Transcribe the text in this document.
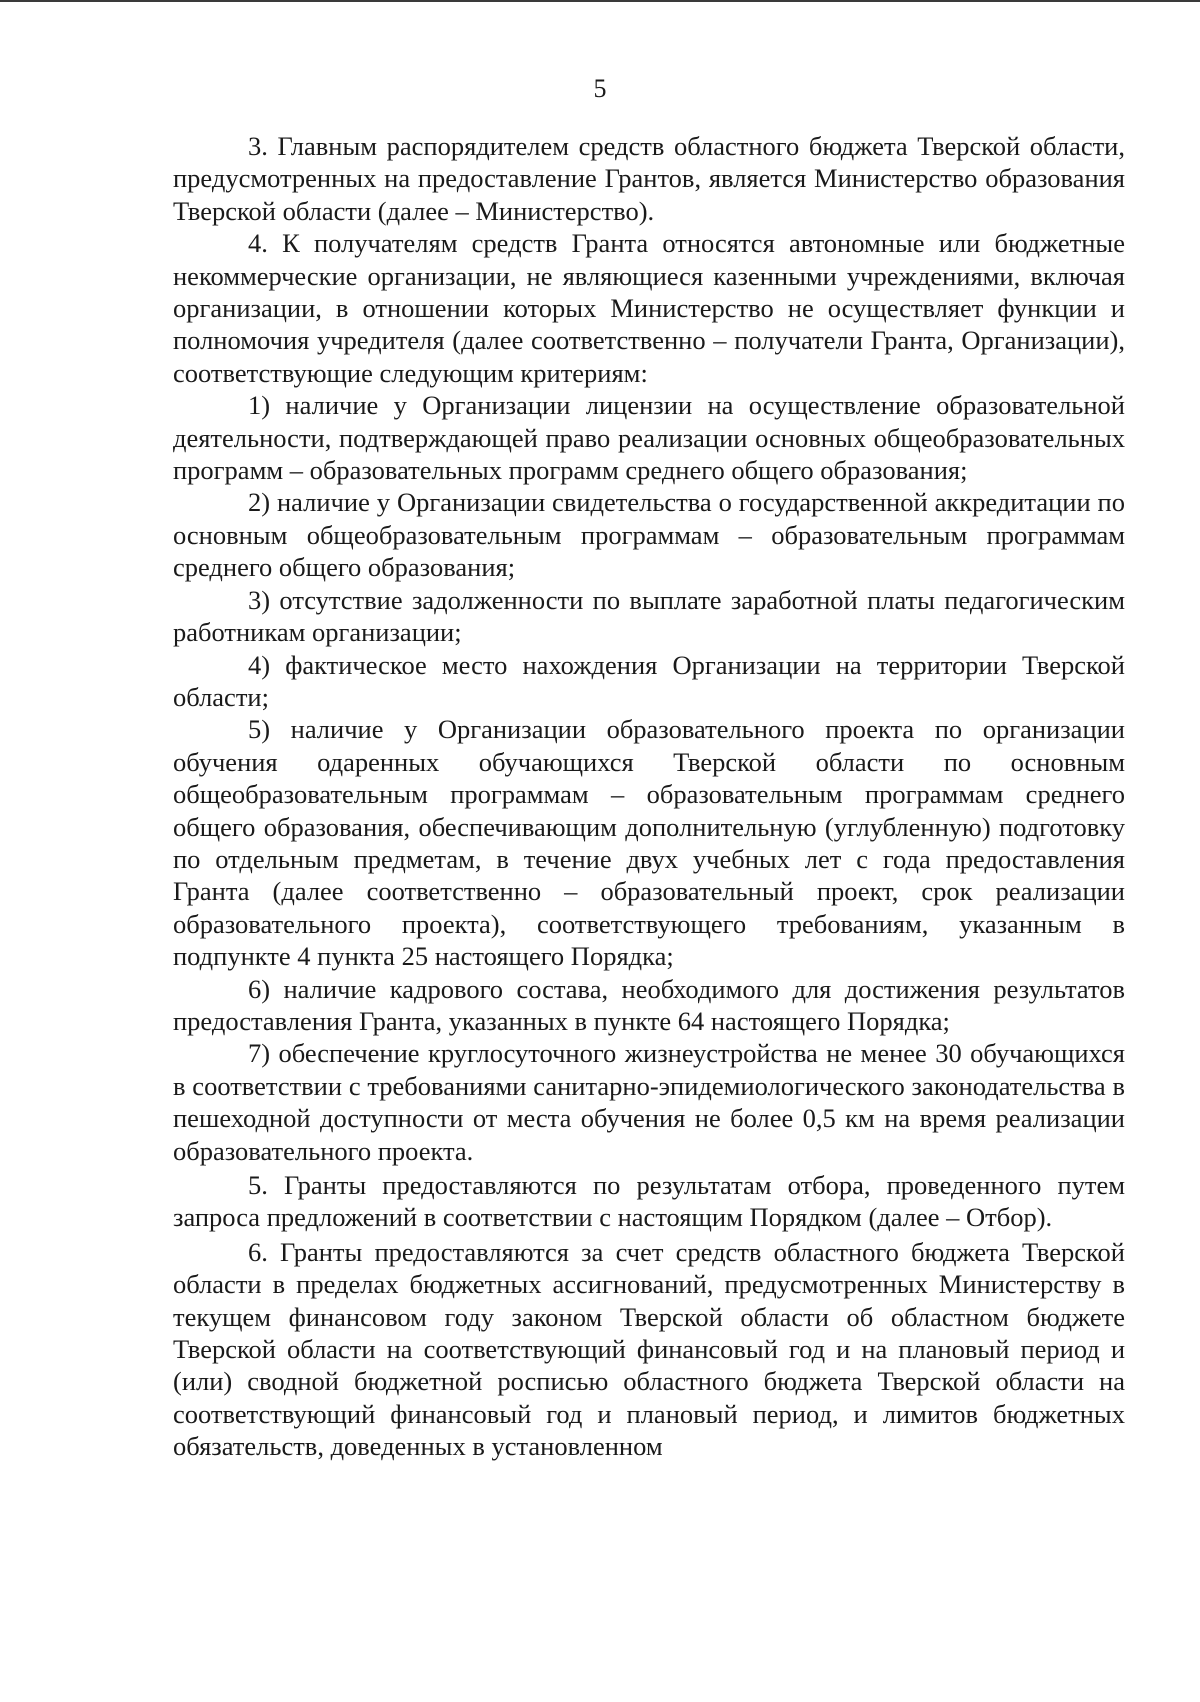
5

3. Главным распорядителем средств областного бюджета Тверской области, предусмотренных на предоставление Грантов, является Министерство образования Тверской области (далее – Министерство).

4. К получателям средств Гранта относятся автономные или бюджетные некоммерческие организации, не являющиеся казенными учреждениями, включая организации, в отношении которых Министерство не осуществляет функции и полномочия учредителя (далее соответственно – получатели Гранта, Организации), соответствующие следующим критериям:

1) наличие у Организации лицензии на осуществление образовательной деятельности, подтверждающей право реализации основных общеобразовательных программ – образовательных программ среднего общего образования;

2) наличие у Организации свидетельства о государственной аккредитации по основным общеобразовательным программам – образовательным программам среднего общего образования;

3) отсутствие задолженности по выплате заработной платы педагогическим работникам организации;

4) фактическое место нахождения Организации на территории Тверской области;

5) наличие у Организации образовательного проекта по организации обучения одаренных обучающихся Тверской области по основным общеобразовательным программам – образовательным программам среднего общего образования, обеспечивающим дополнительную (углубленную) подготовку по отдельным предметам, в течение двух учебных лет с года предоставления Гранта (далее соответственно – образовательный проект, срок реализации образовательного проекта), соответствующего требованиям, указанным в подпункте 4 пункта 25 настоящего Порядка;

6) наличие кадрового состава, необходимого для достижения результатов предоставления Гранта, указанных в пункте 64 настоящего Порядка;

7) обеспечение круглосуточного жизнеустройства не менее 30 обучающихся в соответствии с требованиями санитарно-эпидемиологического законодательства в пешеходной доступности от места обучения не более 0,5 км на время реализации образовательного проекта.

5. Гранты предоставляются по результатам отбора, проведенного путем запроса предложений в соответствии с настоящим Порядком (далее – Отбор).

6. Гранты предоставляются за счет средств областного бюджета Тверской области в пределах бюджетных ассигнований, предусмотренных Министерству в текущем финансовом году законом Тверской области об областном бюджете Тверской области на соответствующий финансовый год и на плановый период и (или) сводной бюджетной росписью областного бюджета Тверской области на соответствующий финансовый год и плановый период, и лимитов бюджетных обязательств, доведенных в установленном
